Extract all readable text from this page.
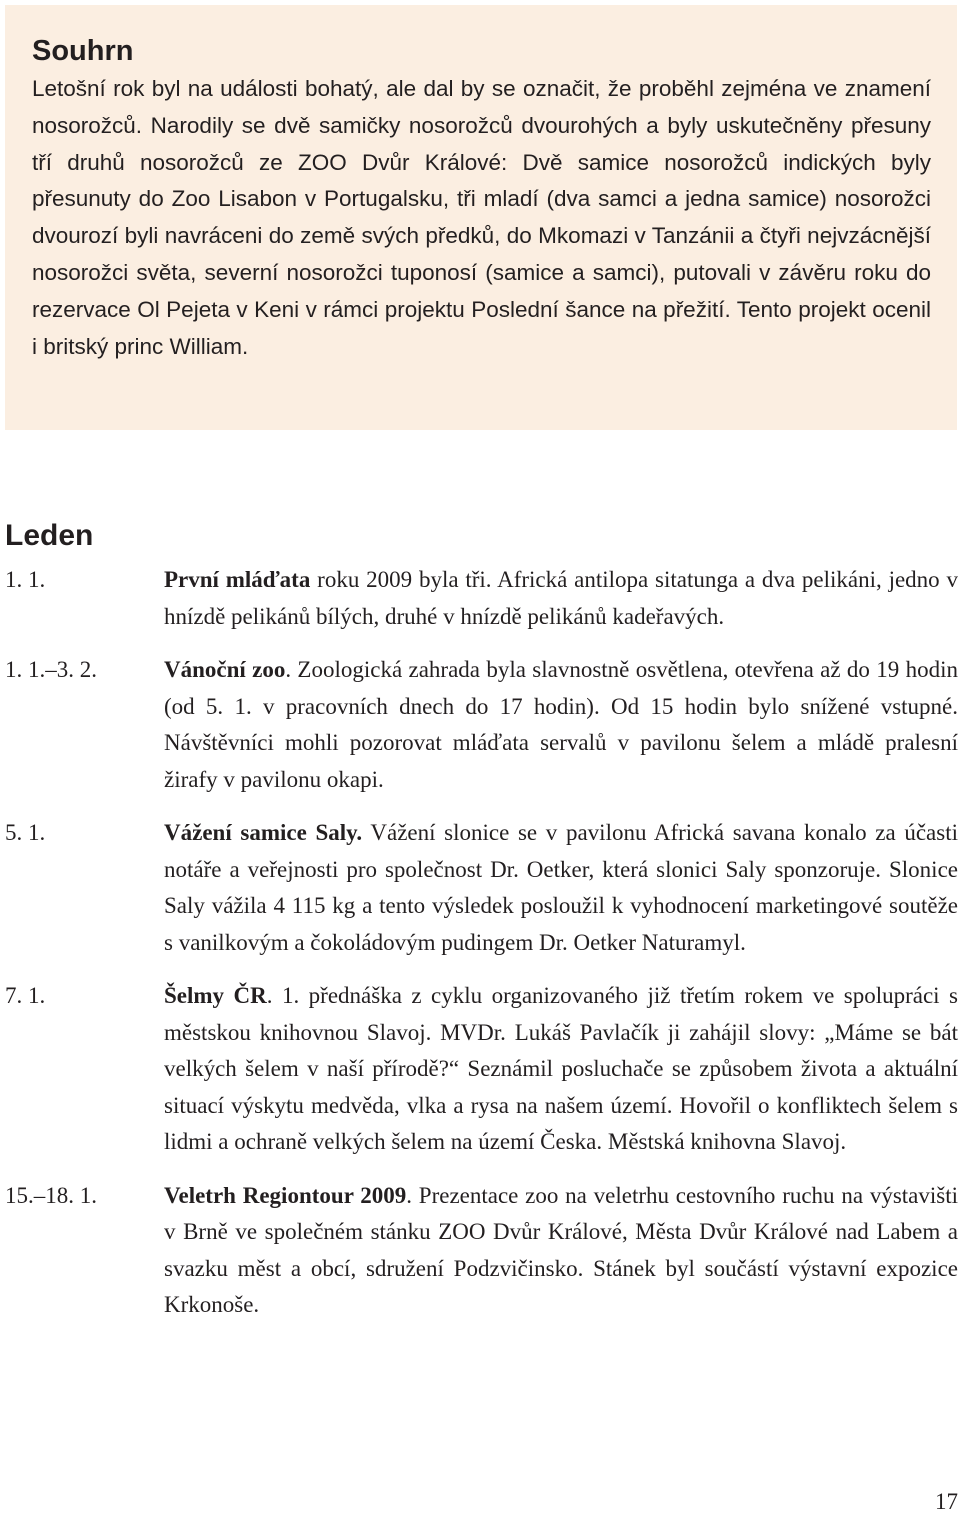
Souhrn

Letošní rok byl na události bohatý, ale dal by se označit, že proběhl zejména ve znamení nosorožců. Narodily se dvě samičky nosorožců dvourohých a byly uskutečněny přesuny tří druhů nosorožců ze ZOO Dvůr Králové: Dvě samice nosorožců indických byly přesunuty do Zoo Lisabon v Portugalsku, tři mladí (dva samci a jedna samice) nosorožci dvourozí byli navráceni do země svých předků, do Mkomazi v Tanzánii a čtyři nejvzácnější nosorožci světa, severní nosorožci tuponosí (samice a samci), putovali v závěru roku do rezervace Ol Pejeta v Keni v rámci projektu Poslední šance na přežití. Tento projekt ocenil i britský princ William.

Leden
1. 1.	První mláďata roku 2009 byla tři. Africká antilopa sitatunga a dva pelikáni, jedno v hnízdě pelikánů bílých, druhé v hnízdě pelikánů kadeřavých.
1. 1.–3. 2.	Vánoční zoo. Zoologická zahrada byla slavnostně osvětlena, otevřena až do 19 hodin (od 5. 1. v pracovních dnech do 17 hodin). Od 15 hodin bylo snížené vstupné. Návštěvníci mohli pozorovat mláďata servalů v pavilonu šelem a mládě pralesní žirafy v pavilonu okapi.
5. 1.	Vážení samice Saly. Vážení slonice se v pavilonu Africká savana konalo za účasti notáře a veřejnosti pro společnost Dr. Oetker, která slonici Saly sponzoruje. Slonice Saly vážila 4 115 kg a tento výsledek posloužil k vyhodnocení marketingové soutěže s vanilkovým a čokoládovým pudingem Dr. Oetker Naturamyl.
7. 1.	Šelmy ČR. 1. přednáška z cyklu organizovaného již třetím rokem ve spolupráci s městskou knihovnou Slavoj. MVDr. Lukáš Pavlačík ji zahájil slovy: „Máme se bát velkých šelem v naší přírodě?“ Seznámil posluchače se způsobem života a aktuální situací výskytu medvěda, vlka a rysa na našem území. Hovořil o konfliktech šelem s lidmi a ochraně velkých šelem na území Česka. Městská knihovna Slavoj.
15.–18. 1.	Veletrh Regiontour 2009. Prezentace zoo na veletrhu cestovního ruchu na výstavišti v Brně ve společném stánku ZOO Dvůr Králové, Města Dvůr Králové nad Labem a svazku měst a obcí, sdružení Podzvičinsko. Stánek byl součástí výstavní expozice Krkonoše.
17
